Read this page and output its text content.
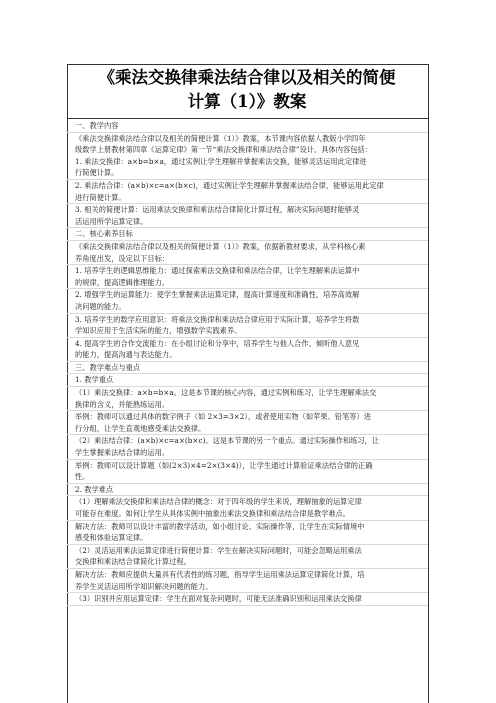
《乘法交换律乘法结合律以及相关的简便
计算（1）》教案
一、教学内容
《乘法交换律乘法结合律以及相关的简便计算（1）》教案，本节课内容依据人教版小学四年
级数学上册教材第四章《运算定律》第一节“乘法交换律和乘法结合律”设计。具体内容包括：
1. 乘法交换律：a×b=b×a，通过实例让学生理解并掌握乘法交换，能够灵活运用此定律进
行简便计算。
2. 乘法结合律：(a×b)×c=a×(b×c)，通过实例让学生理解并掌握乘法结合律，能够运用此定律
进行简便计算。
3. 相关的简便计算：运用乘法交换律和乘法结合律简化计算过程，解决实际问题时能够灵
活运用所学运算定律。
二、核心素养目标
《乘法交换律乘法结合律以及相关的简便计算（1）》教案，依据新教材要求，从学科核心素
养角度出发，设定以下目标：
1. 培养学生的逻辑思维能力：通过探索乘法交换律和乘法结合律，让学生理解乘法运算中
的规律，提高逻辑推理能力。
2. 增强学生的运算能力：使学生掌握乘法运算定律，提高计算速度和准确性，培养高效解
决问题的能力。
3. 培养学生的数学应用意识：将乘法交换律和乘法结合律应用于实际计算，培养学生将数
学知识应用于生活实际的能力，增强数学实践素养。
4. 提高学生的合作交流能力：在小组讨论和分享中，培养学生与他人合作、倾听他人意见
的能力，提高沟通与表达能力。
三、教学难点与重点
1. 教学重点
（1）乘法交换律：a×b=b×a。这是本节课的核心内容，通过实例和练习，让学生理解乘法交
换律的含义，并能熟练运用。
举例：教师可以通过具体的数字例子（如 2×3=3×2），或者使用实物（如苹果、铅笔等）进
行分组，让学生直观地感受乘法交换律。
（2）乘法结合律：(a×b)×c=a×(b×c)。这是本节课的另一个重点。通过实际操作和练习，让
学生掌握乘法结合律的运用。
举例：教师可以设计算题（如(2×3)×4=2×(3×4)），让学生通过计算验证乘法结合律的正确
性。
2. 教学难点
（1）理解乘法交换律和乘法结合律的概念：对于四年级的学生来说，理解抽象的运算定律
可能存在难度。如何让学生从具体实例中抽象出乘法交换律和乘法结合律是教学难点。
解决方法：教师可以设计丰富的教学活动，如小组讨论、实际操作等，让学生在实际情境中
感受和体验运算定律。
（2）灵活运用乘法运算定律进行简便计算：学生在解决实际问题时，可能会忽略运用乘法
交换律和乘法结合律简化计算过程。
解决方法：教师应提供大量具有代表性的练习题，指导学生运用乘法运算定律简化计算，培
养学生灵活运用所学知识解决问题的能力。
（3）识别并应用运算定律：学生在面对复杂问题时，可能无法准确识别和运用乘法交换律
